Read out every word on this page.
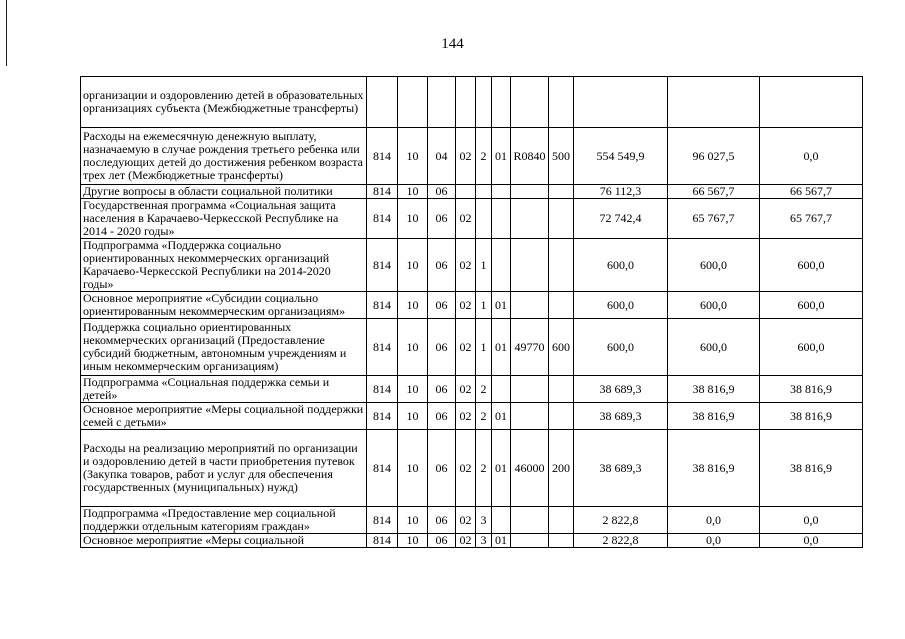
144
организации и оздоровлению детей в образовательных организациях субъекта (Межбюджетные трансферты)											
Расходы на ежемесячную денежную выплату, назначаемую в случае рождения третьего ребенка или последующих детей до достижения ребенком возраста трех лет (Межбюджетные трансферты)	814	10	04	02	2	01	R0840	500	554 549,9	96 027,5	0,0
Другие вопросы в области социальной политики	814	10	06						76 112,3	66 567,7	66 567,7
Государственная программа «Социальная защита населения в Карачаево-Черкесской Республике на 2014 - 2020 годы»	814	10	06	02					72 742,4	65 767,7	65 767,7
Подпрограмма «Поддержка социально ориентированных некоммерческих организаций Карачаево-Черкесской Республики на 2014-2020 годы»	814	10	06	02	1				600,0	600,0	600,0
Основное мероприятие «Субсидии социально ориентированным некоммерческим организациям»	814	10	06	02	1	01			600,0	600,0	600,0
Поддержка социально ориентированных некоммерческих организаций (Предоставление субсидий бюджетным, автономным учреждениям и иным некоммерческим организациям)	814	10	06	02	1	01	49770	600	600,0	600,0	600,0
Подпрограмма «Социальная поддержка семьи и детей»	814	10	06	02	2				38 689,3	38 816,9	38 816,9
Основное мероприятие «Меры социальной поддержки семей с детьми»	814	10	06	02	2	01			38 689,3	38 816,9	38 816,9
Расходы на реализацию мероприятий по организации и оздоровлению детей в части приобретения путевок (Закупка товаров, работ и услуг для обеспечения государственных (муниципальных) нужд)	814	10	06	02	2	01	46000	200	38 689,3	38 816,9	38 816,9
Подпрограмма «Предоставление мер социальной поддержки отдельным категориям граждан»	814	10	06	02	3				2 822,8	0,0	0,0
Основное мероприятие «Меры социальной	814	10	06	02	3	01			2 822,8	0,0	0,0
